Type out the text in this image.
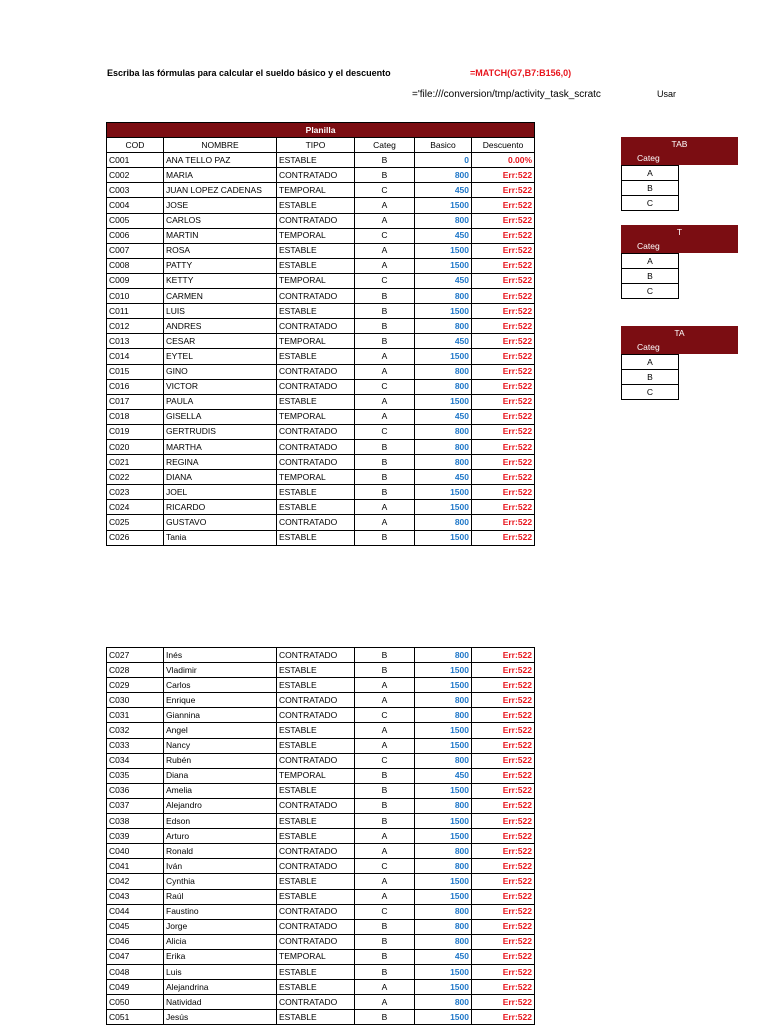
Escriba las fórmulas para calcular el sueldo básico y el descuento	=MATCH(G7,B7:B156,0)
='file:///conversion/tmp/activity_task_scratc	Usar
Planilla					
COD	NOMBRE	TIPO	Categ	Basico	Descuento
C001	ANA TELLO PAZ	ESTABLE	B	0	0.00%
C002	MARIA	CONTRATADO	B	800	Err:522
C003	JUAN LOPEZ CADENAS	TEMPORAL	C	450	Err:522
C004	JOSE	ESTABLE	A	1500	Err:522
C005	CARLOS	CONTRATADO	A	800	Err:522
C006	MARTIN	TEMPORAL	C	450	Err:522
C007	ROSA	ESTABLE	A	1500	Err:522
C008	PATTY	ESTABLE	A	1500	Err:522
C009	KETTY	TEMPORAL	C	450	Err:522
C010	CARMEN	CONTRATADO	B	800	Err:522
C011	LUIS	ESTABLE	B	1500	Err:522
C012	ANDRES	CONTRATADO	B	800	Err:522
C013	CESAR	TEMPORAL	B	450	Err:522
C014	EYTEL	ESTABLE	A	1500	Err:522
C015	GINO	CONTRATADO	A	800	Err:522
C016	VICTOR	CONTRATADO	C	800	Err:522
C017	PAULA	ESTABLE	A	1500	Err:522
C018	GISELLA	TEMPORAL	A	450	Err:522
C019	GERTRUDIS	CONTRATADO	C	800	Err:522
C020	MARTHA	CONTRATADO	B	800	Err:522
C021	REGINA	CONTRATADO	B	800	Err:522
C022	DIANA	TEMPORAL	B	450	Err:522
C023	JOEL	ESTABLE	B	1500	Err:522
C024	RICARDO	ESTABLE	A	1500	Err:522
C025	GUSTAVO	CONTRATADO	A	800	Err:522
C026	Tania	ESTABLE	B	1500	Err:522
C027	Inés	CONTRATADO	B	800	Err:522
C028	Vladimir	ESTABLE	B	1500	Err:522
C029	Carlos	ESTABLE	A	1500	Err:522
C030	Enrique	CONTRATADO	A	800	Err:522
C031	Giannina	CONTRATADO	C	800	Err:522
C032	Angel	ESTABLE	A	1500	Err:522
C033	Nancy	ESTABLE	A	1500	Err:522
C034	Rubén	CONTRATADO	C	800	Err:522
C035	Diana	TEMPORAL	B	450	Err:522
C036	Amelia	ESTABLE	B	1500	Err:522
C037	Alejandro	CONTRATADO	B	800	Err:522
C038	Edson	ESTABLE	B	1500	Err:522
C039	Arturo	ESTABLE	A	1500	Err:522
C040	Ronald	CONTRATADO	A	800	Err:522
C041	Iván	CONTRATADO	C	800	Err:522
C042	Cynthia	ESTABLE	A	1500	Err:522
C043	Raúl	ESTABLE	A	1500	Err:522
C044	Faustino	CONTRATADO	C	800	Err:522
C045	Jorge	CONTRATADO	B	800	Err:522
C046	Alicia	CONTRATADO	B	800	Err:522
C047	Erika	TEMPORAL	B	450	Err:522
C048	Luis	ESTABLE	B	1500	Err:522
C049	Alejandrina	ESTABLE	A	1500	Err:522
C050	Natividad	CONTRATADO	A	800	Err:522
C051	Jesús	ESTABLE	B	1500	Err:522
TAB
Categ
A
B
C
T
Categ
A
B
C
TA
Categ
A
B
C
